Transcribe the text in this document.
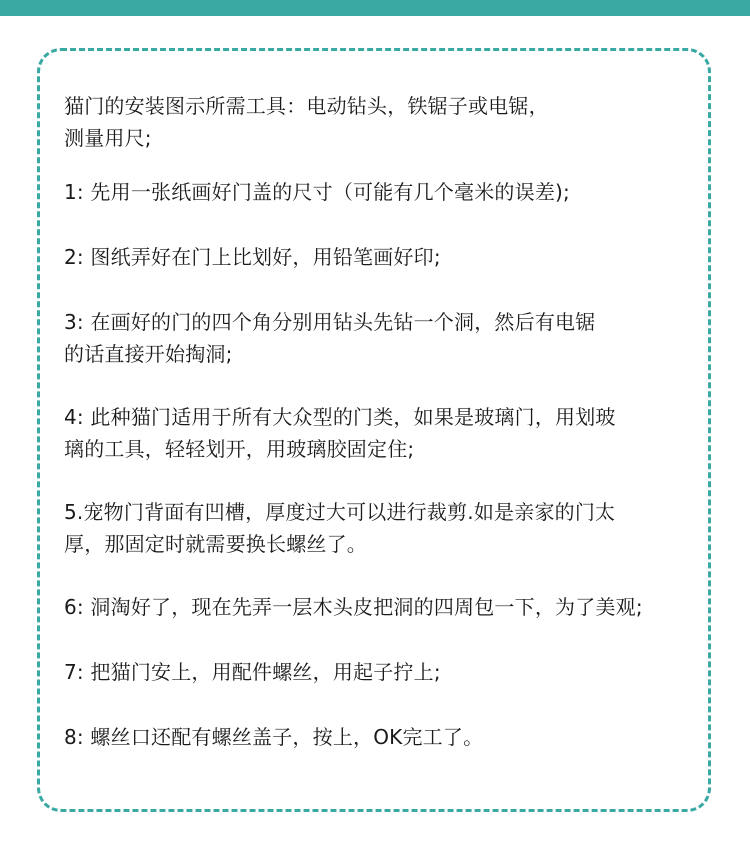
猫门的安装图示所需工具：电动钻头，铁锯子或电锯，
测量用尺;

1: 先用一张纸画好门盖的尺寸（可能有几个毫米的误差);

2: 图纸弄好在门上比划好，用铅笔画好印;

3: 在画好的门的四个角分别用钻头先钻一个洞，然后有电锯
的话直接开始掏洞;

4: 此种猫门适用于所有大众型的门类，如果是玻璃门，用划玻
璃的工具，轻轻划开，用玻璃胶固定住;

5.宠物门背面有凹槽，厚度过大可以进行裁剪.如是亲家的门太
厚，那固定时就需要换长螺丝了。

6: 洞淘好了，现在先弄一层木头皮把洞的四周包一下，为了美观;

7: 把猫门安上，用配件螺丝，用起子拧上;

8: 螺丝口还配有螺丝盖子，按上，OK完工了。
